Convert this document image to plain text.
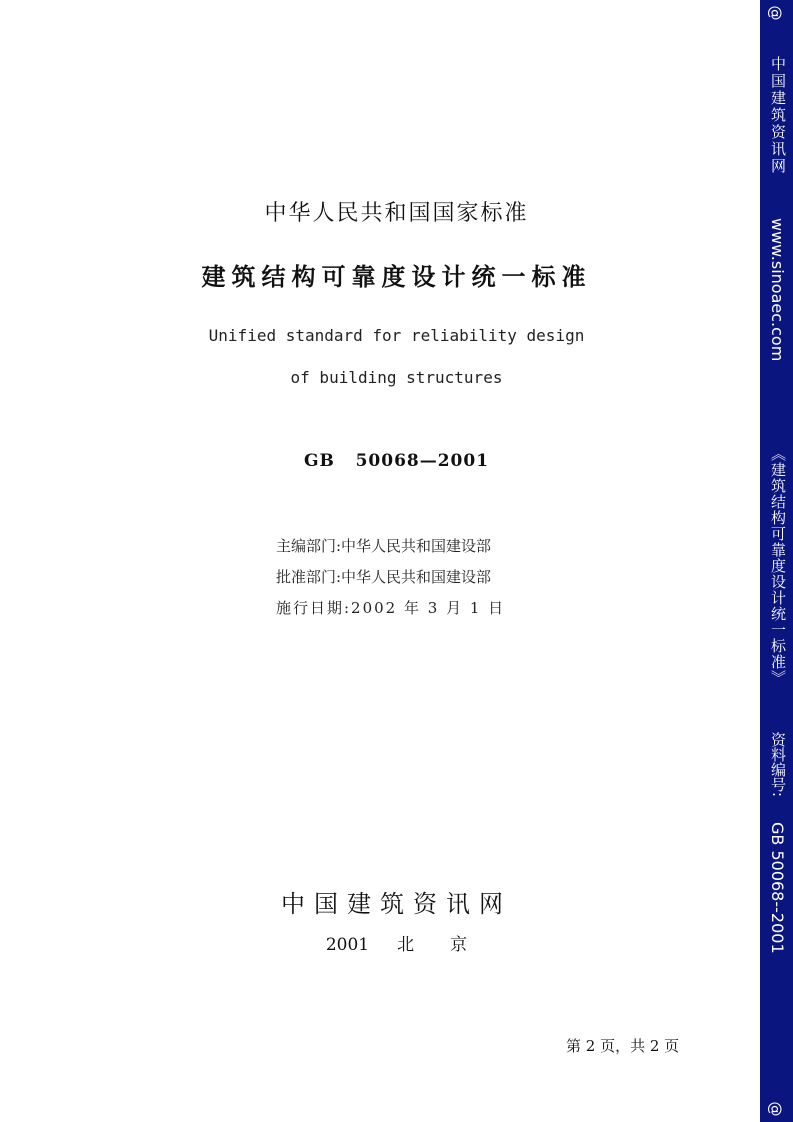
中华人民共和国国家标准
建筑结构可靠度设计统一标准
Unified standard for reliability design
of building structures
GB   50068—2001
主编部门:中华人民共和国建设部
批准部门:中华人民共和国建设部
施行日期:2002 年 3 月 1 日
中国建筑资讯网
2001 北 京
第 2 页，共 2 页
@
中国建筑资讯网
www.sinoaec.com
《建筑结构可靠度设计统一标准》
资料编号:
GB 50068--2001
@
